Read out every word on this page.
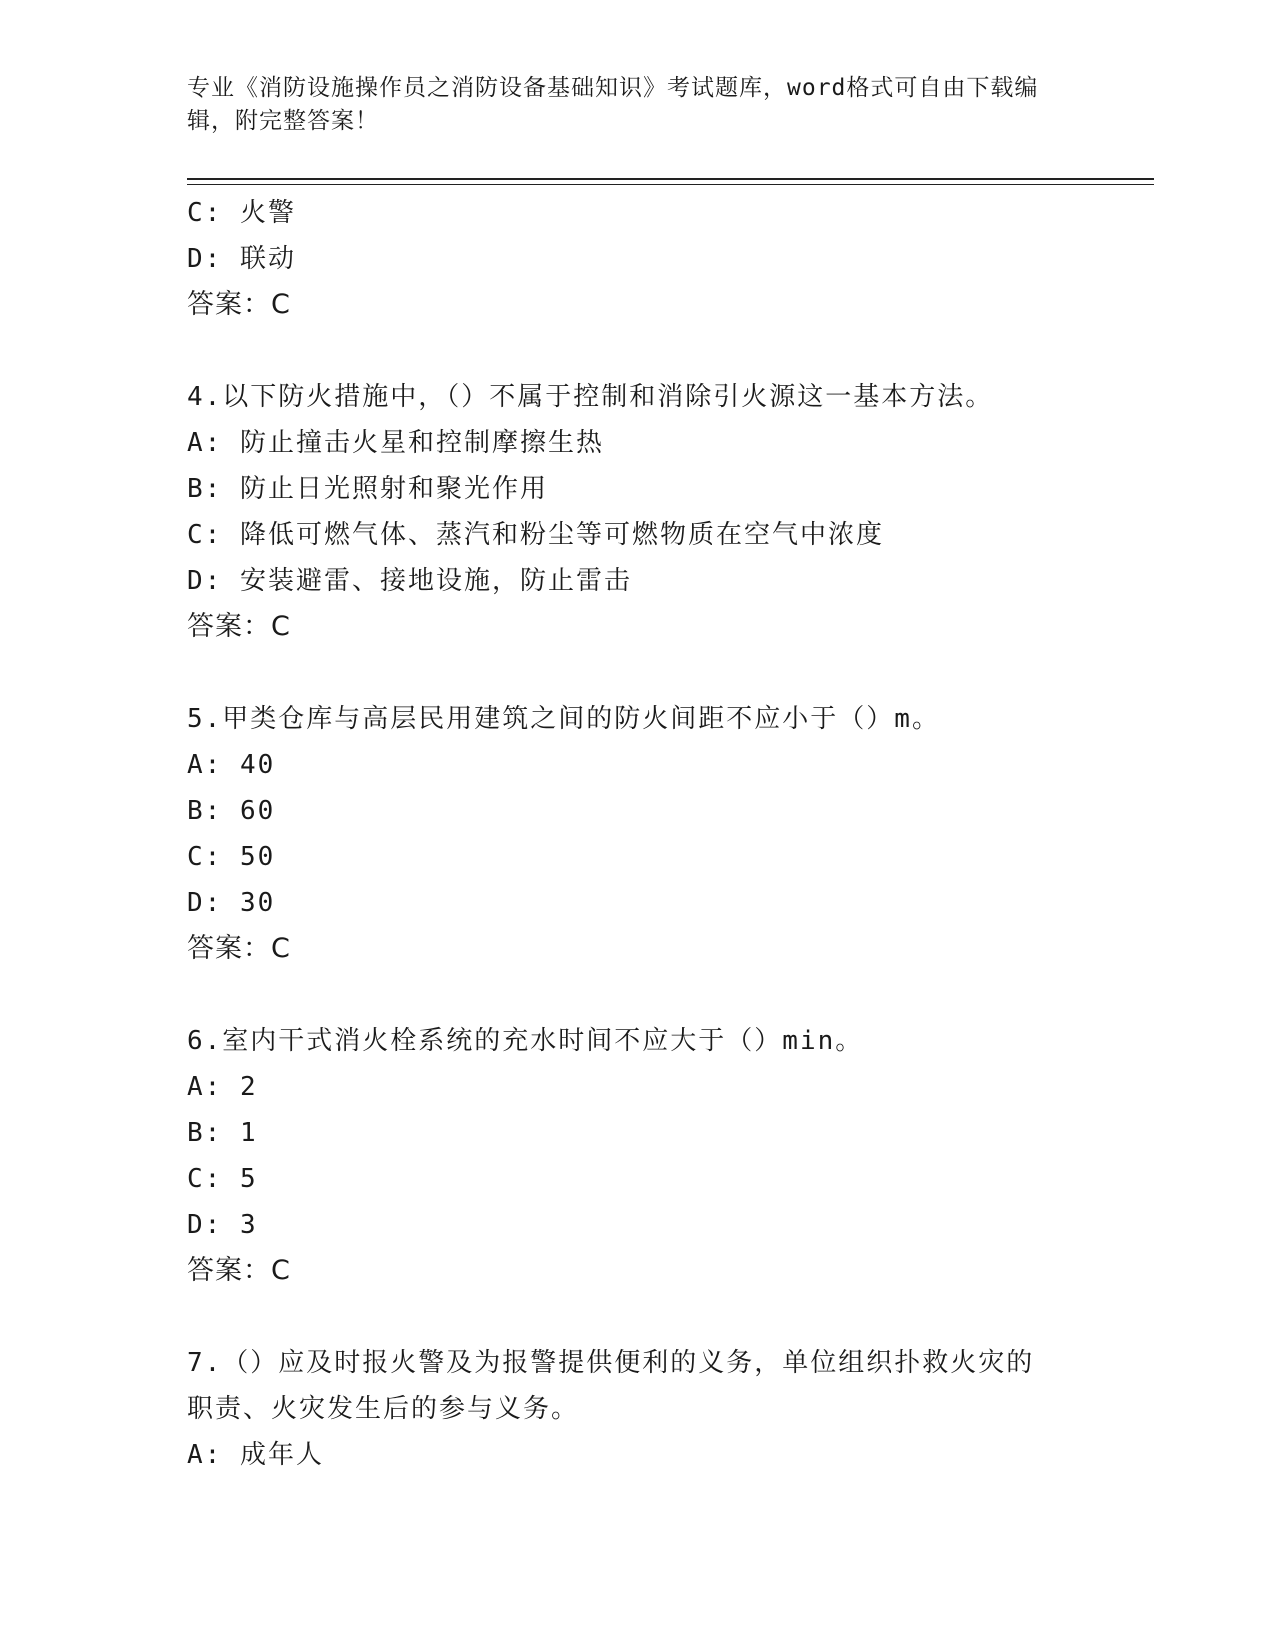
专业《消防设施操作员之消防设备基础知识》考试题库，word格式可自由下载编辑，附完整答案！
C: 火警
D: 联动
答案：C
4.以下防火措施中，（）不属于控制和消除引火源这一基本方法。
A: 防止撞击火星和控制摩擦生热
B: 防止日光照射和聚光作用
C: 降低可燃气体、蒸汽和粉尘等可燃物质在空气中浓度
D: 安装避雷、接地设施，防止雷击
答案：C
5.甲类仓库与高层民用建筑之间的防火间距不应小于（）m。
A: 40
B: 60
C: 50
D: 30
答案：C
6.室内干式消火栓系统的充水时间不应大于（）min。
A: 2
B: 1
C: 5
D: 3
答案：C
7.（）应及时报火警及为报警提供便利的义务，单位组织扑救火灾的职责、火灾发生后的参与义务。
A: 成年人
